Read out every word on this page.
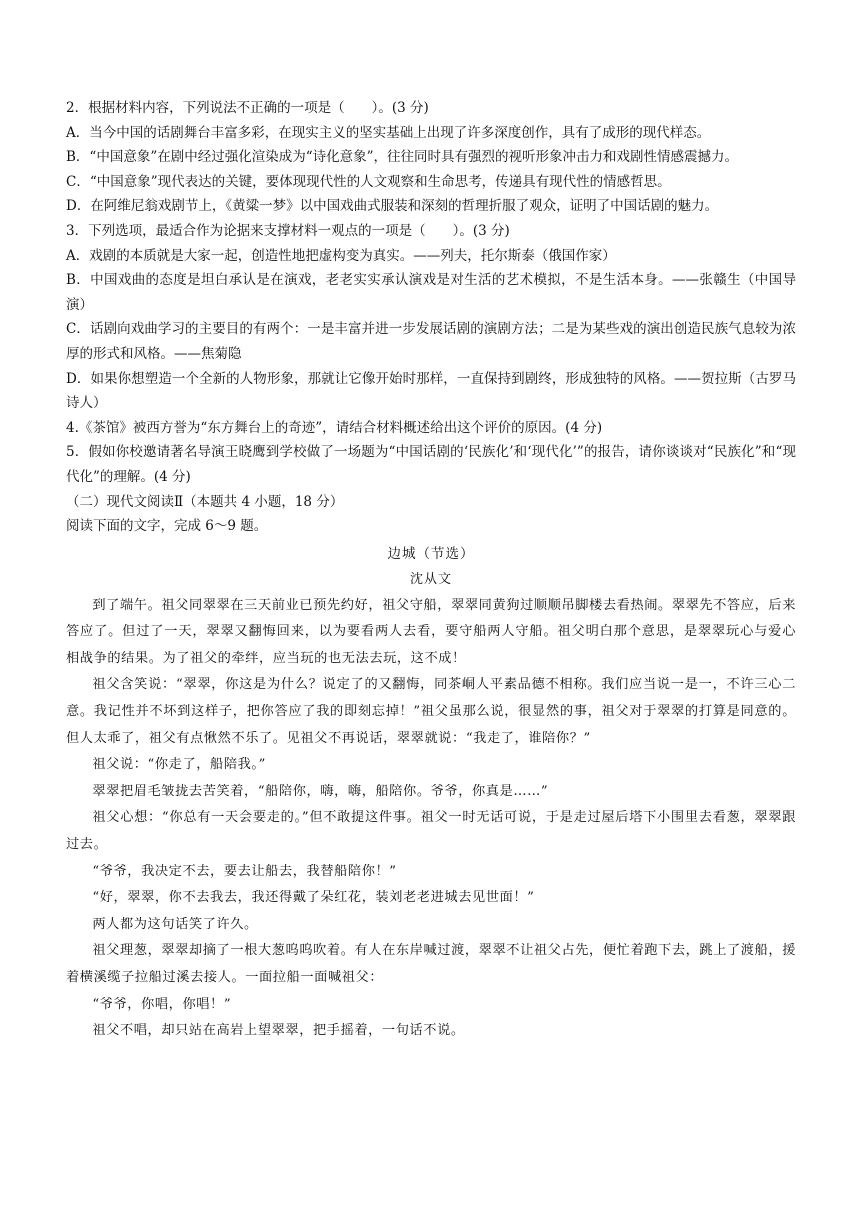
2．根据材料内容，下列说法不正确的一项是（　　）。(3 分)

A．当今中国的话剧舞台丰富多彩，在现实主义的坚实基础上出现了许多深度创作，具有了成形的现代样态。

B．“中国意象”在剧中经过强化渲染成为“诗化意象”，往往同时具有强烈的视听形象冲击力和戏剧性情感震撼力。

C．“中国意象”现代表达的关键，要体现现代性的人文观察和生命思考，传递具有现代性的情感哲思。

D．在阿维尼翁戏剧节上，《黄粱一梦》以中国戏曲式服装和深刻的哲理折服了观众，证明了中国话剧的魅力。

3．下列选项，最适合作为论据来支撑材料一观点的一项是（　　）。(3 分)

A．戏剧的本质就是大家一起，创造性地把虚构变为真实。——列夫，托尔斯泰（俄国作家）

B．中国戏曲的态度是坦白承认是在演戏，老老实实承认演戏是对生活的艺术模拟，不是生活本身。——张赣生（中国导演）

C．话剧向戏曲学习的主要目的有两个：一是丰富并进一步发展话剧的演剧方法；二是为某些戏的演出创造民族气息较为浓厚的形式和风格。——焦菊隐

D．如果你想塑造一个全新的人物形象，那就让它像开始时那样，一直保持到剧终，形成独特的风格。——贺拉斯（古罗马诗人）

4.《茶馆》被西方誉为“东方舞台上的奇迹”，请结合材料概述给出这个评价的原因。(4 分)

5．假如你校邀请著名导演王晓鹰到学校做了一场题为“中国话剧的‘民族化’和‘现代化’”的报告，请你谈谈对“民族化”和“现代化”的理解。(4 分)

（二）现代文阅读Ⅱ（本题共 4 小题，18 分）

阅读下面的文字，完成 6～9 题。

边城（节选）

沈从文

到了端午。祖父同翠翠在三天前业已预先约好，祖父守船，翠翠同黄狗过顺顺吊脚楼去看热闹。翠翠先不答应，后来答应了。但过了一天，翠翠又翻悔回来，以为要看两人去看，要守船两人守船。祖父明白那个意思，是翠翠玩心与爱心相战争的结果。为了祖父的牵绊，应当玩的也无法去玩，这不成！

祖父含笑说：“翠翠，你这是为什么？说定了的又翻悔，同茶峒人平素品德不相称。我们应当说一是一，不许三心二意。我记性并不坏到这样子，把你答应了我的即刻忘掉！”祖父虽那么说，很显然的事，祖父对于翠翠的打算是同意的。但人太乖了，祖父有点愀然不乐了。见祖父不再说话，翠翠就说：“我走了，谁陪你？”

祖父说：“你走了，船陪我。”

翠翠把眉毛皱拢去苦笑着，“船陪你，嗨，嗨，船陪你。爷爷，你真是……”

祖父心想：“你总有一天会要走的。”但不敢提这件事。祖父一时无话可说，于是走过屋后塔下小围里去看葱，翠翠跟过去。

“爷爷，我决定不去，要去让船去，我替船陪你！”

“好，翠翠，你不去我去，我还得戴了朵红花，装刘老老进城去见世面！”

两人都为这句话笑了许久。

祖父理葱，翠翠却摘了一根大葱呜呜吹着。有人在东岸喊过渡，翠翠不让祖父占先，便忙着跑下去，跳上了渡船，援着横溪缆子拉船过溪去接人。一面拉船一面喊祖父：

“爷爷，你唱，你唱！”

祖父不唱，却只站在高岩上望翠翠，把手摇着，一句话不说。
